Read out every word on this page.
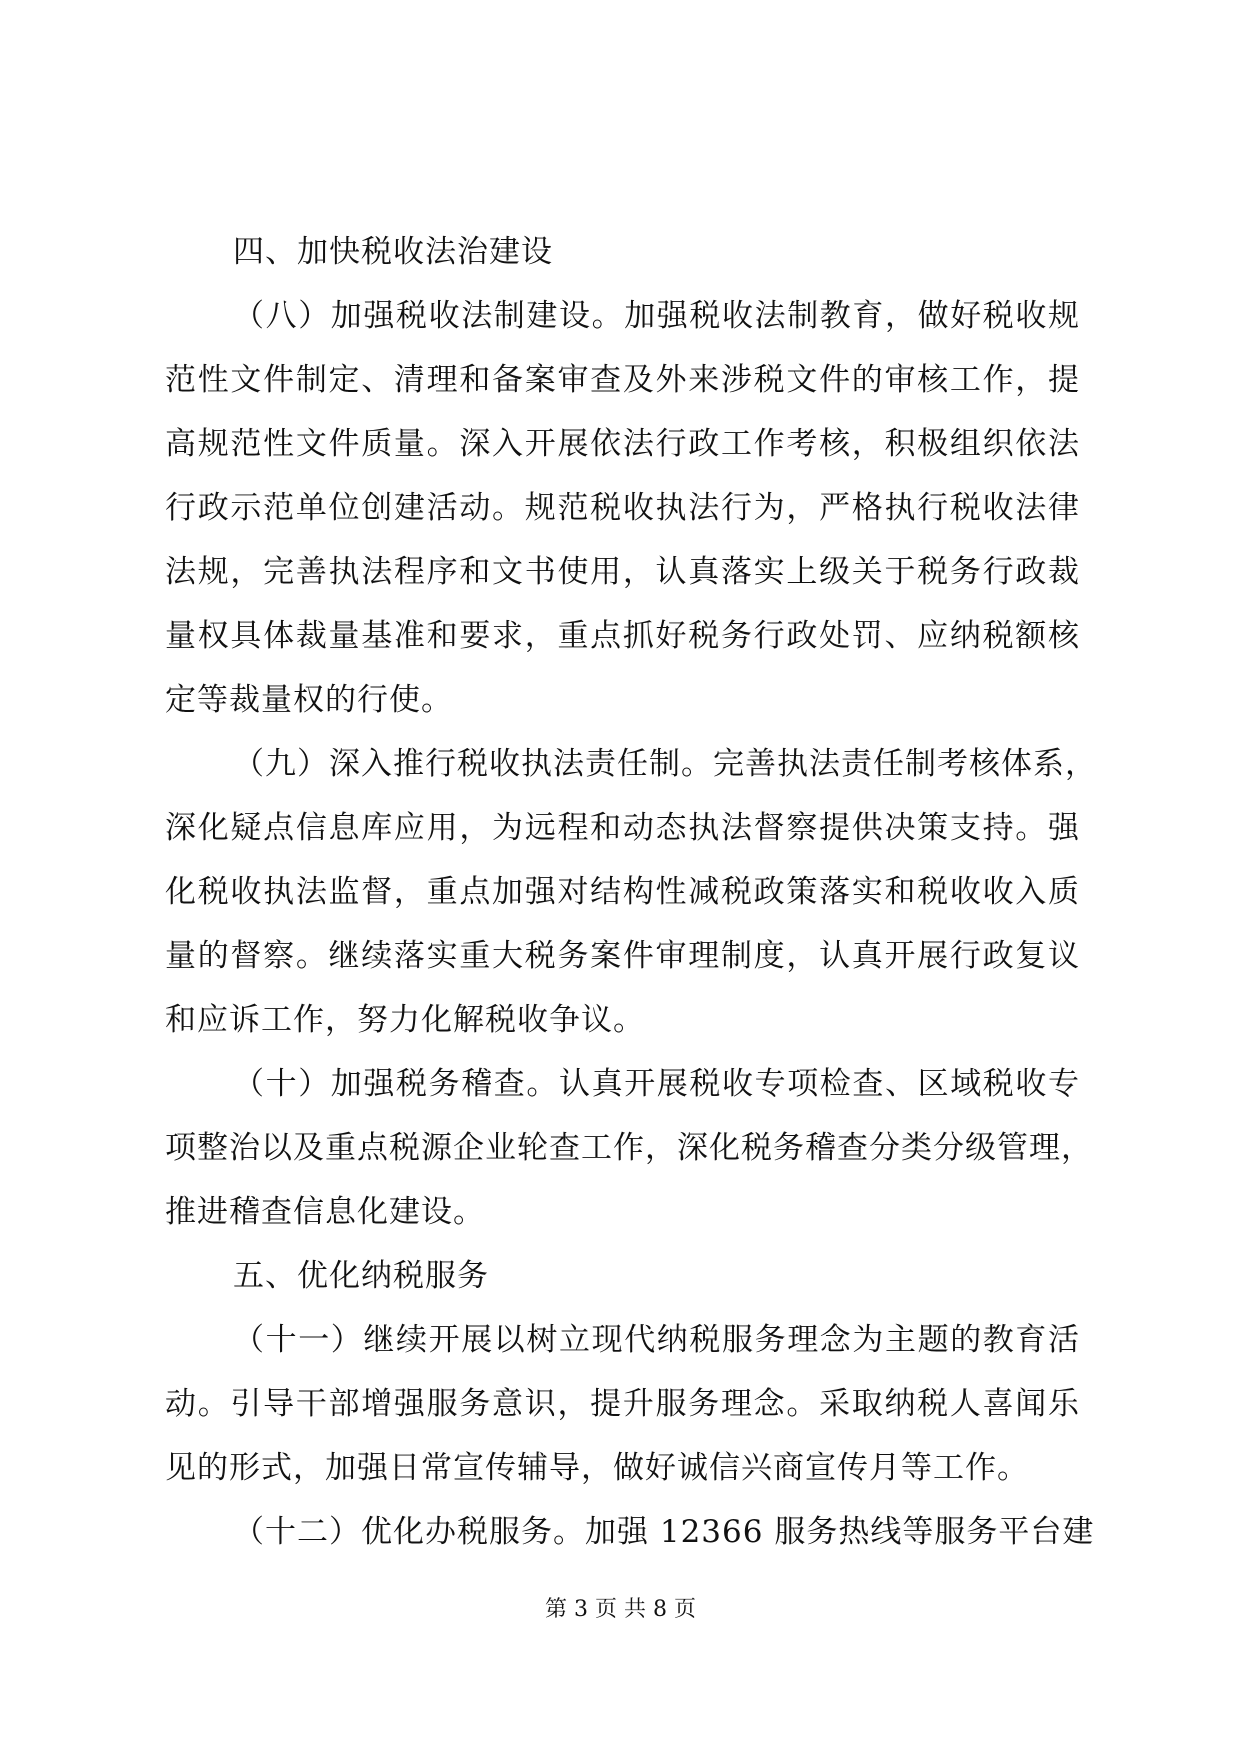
四、加快税收法治建设
（八）加强税收法制建设。加强税收法制教育，做好税收规
范性文件制定、清理和备案审查及外来涉税文件的审核工作，提
高规范性文件质量。深入开展依法行政工作考核，积极组织依法
行政示范单位创建活动。规范税收执法行为，严格执行税收法律
法规，完善执法程序和文书使用，认真落实上级关于税务行政裁
量权具体裁量基准和要求，重点抓好税务行政处罚、应纳税额核
定等裁量权的行使。
（九）深入推行税收执法责任制。完善执法责任制考核体系，
深化疑点信息库应用，为远程和动态执法督察提供决策支持。强
化税收执法监督，重点加强对结构性减税政策落实和税收收入质
量的督察。继续落实重大税务案件审理制度，认真开展行政复议
和应诉工作，努力化解税收争议。
（十）加强税务稽查。认真开展税收专项检查、区域税收专
项整治以及重点税源企业轮查工作，深化税务稽查分类分级管理，
推进稽查信息化建设。
五、优化纳税服务
（十一）继续开展以树立现代纳税服务理念为主题的教育活
动。引导干部增强服务意识，提升服务理念。采取纳税人喜闻乐
见的形式，加强日常宣传辅导，做好诚信兴商宣传月等工作。
（十二）优化办税服务。加强 12366 服务热线等服务平台建
第 3 页 共 8 页
